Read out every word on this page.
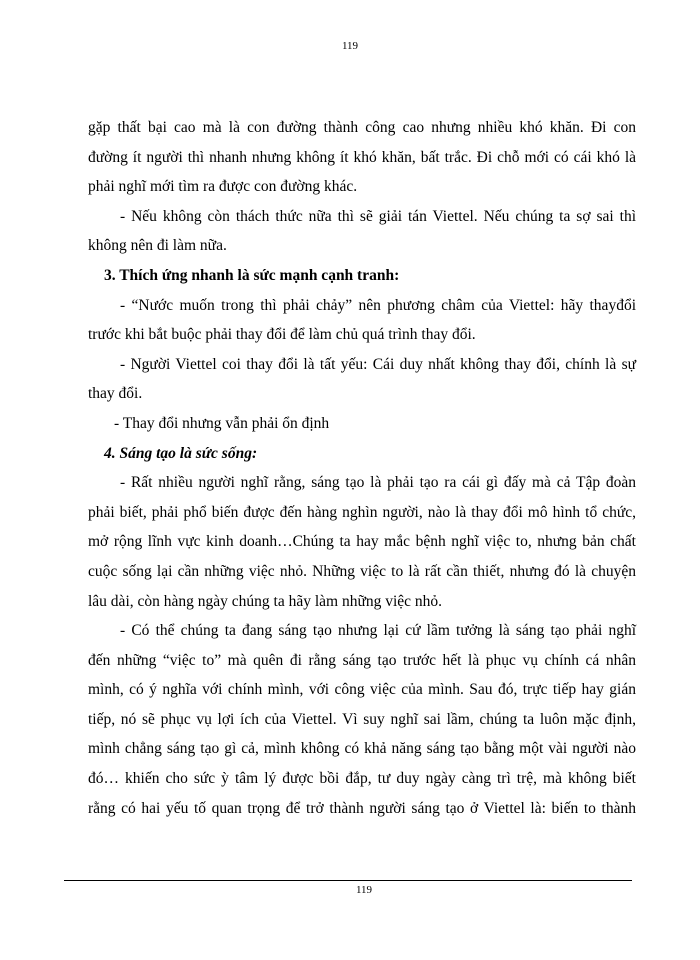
119

gặp thất bại cao mà là con đường thành công cao nhưng nhiều khó khăn. Đi con
đường ít người thì nhanh nhưng không ít khó khăn, bất trắc. Đi chỗ mới có cái khó là
phải nghĩ mới tìm ra được con đường khác.

- Nếu không còn thách thức nữa thì sẽ giải tán Viettel. Nếu chúng ta sợ sai thì
không nên đi làm nữa.

3. Thích ứng nhanh là sức mạnh cạnh tranh:

- “Nước muốn trong thì phải chảy” nên phương châm của Viettel: hãy thayđổi
trước khi bắt buộc phải thay đổi để làm chủ quá trình thay đổi.

- Người Viettel coi thay đổi là tất yếu: Cái duy nhất không thay đổi, chính là sự
thay đổi.

- Thay đổi nhưng vẫn phải ổn định

4. Sáng tạo là sức sống:

- Rất nhiều người nghĩ rằng, sáng tạo là phải tạo ra cái gì đấy mà cả Tập đoàn
phải biết, phải phổ biến được đến hàng nghìn người, nào là thay đổi mô hình tổ chức,
mở rộng lĩnh vực kinh doanh…Chúng ta hay mắc bệnh nghĩ việc to, nhưng bản chất
cuộc sống lại cần những việc nhỏ. Những việc to là rất cần thiết, nhưng đó là chuyện
lâu dài, còn hàng ngày chúng ta hãy làm những việc nhỏ.

- Có thể chúng ta đang sáng tạo nhưng lại cứ lầm tưởng là sáng tạo phải nghĩ
đến những “việc to” mà quên đi rằng sáng tạo trước hết là phục vụ chính cá nhân
mình, có ý nghĩa với chính mình, với công việc của mình. Sau đó, trực tiếp hay gián
tiếp, nó sẽ phục vụ lợi ích của Viettel. Vì suy nghĩ sai lầm, chúng ta luôn mặc định,
mình chẳng sáng tạo gì cả, mình không có khả năng sáng tạo bằng một vài người nào
đó… khiến cho sức ỳ tâm lý được bồi đắp, tư duy ngày càng trì trệ, mà không biết
rằng có hai yếu tố quan trọng để trở thành người sáng tạo ở Viettel là: biến to thành

119
